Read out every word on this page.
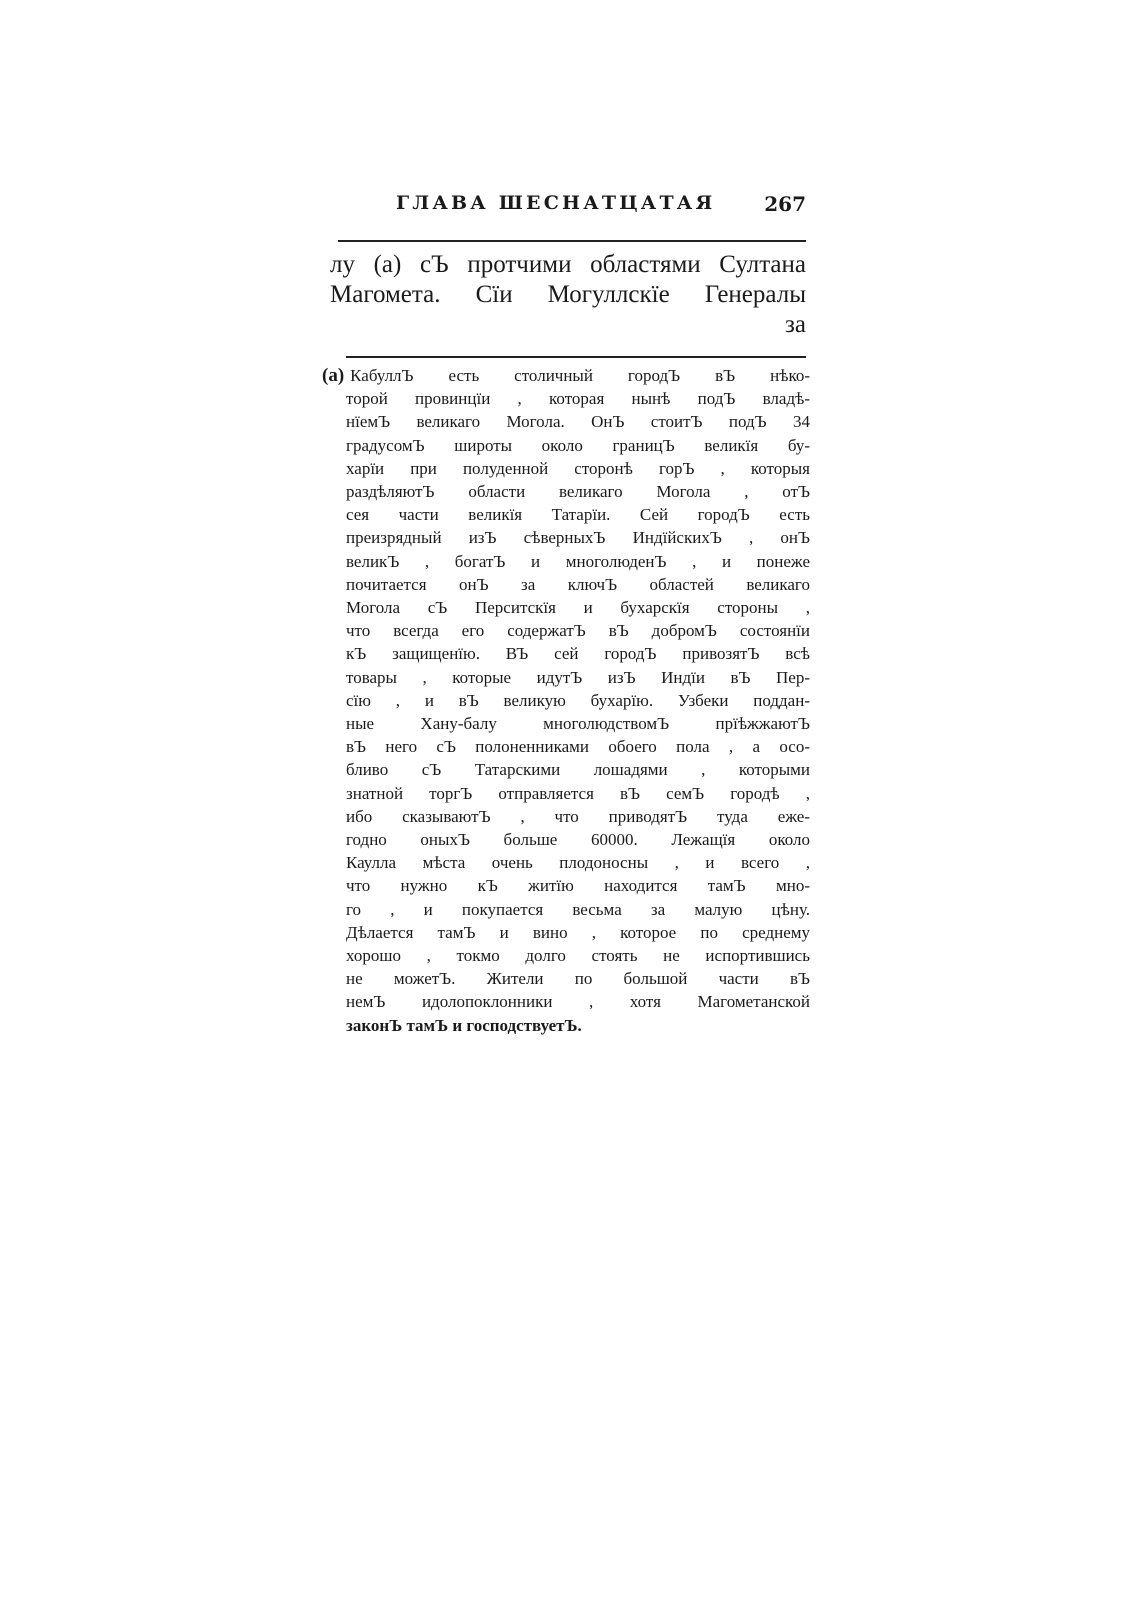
ГЛАВА ШЕСНАТЦАТАЯ 267
лу (а) сЪ протчими областями Султана
Магомета. Сїи Могуллскїе Генералы
за
(а) КабуллЪ есть столичный городЪ вЪ нѣко-
торой провинцїи , которая нынѣ подЪ владѣ-
нїемЪ великаго Могола. ОнЪ стоитЪ подЪ 34
градусомЪ широты около границЪ великїя бу-
харїи при полуденной сторонѣ горЪ , которыя
раздѣляютЪ области великаго Могола , отЪ
сея части великїя Татарїи. Сей городЪ есть
преизрядный изЪ сѣверныхЪ ИндїйскихЪ , онЪ
великЪ , богатЪ и многолюденЪ , и понеже
почитается онЪ за ключЪ областей великаго
Могола сЪ Перситскїя и бухарскїя стороны ,
что всегда его содержатЪ вЪ добромЪ состоянїи
кЪ защищенїю. ВЪ сей городЪ привозятЪ всѣ
товары , которые идутЪ изЪ Индїи вЪ Пер-
сїю , и вЪ великую бухарїю. Узбеки поддан-
ные Хану-балу многолюдствомЪ прїѣжжаютЪ
вЪ него сЪ полоненниками обоего пола , а осо-
бливо сЪ Татарскими лошадями , которыми
знатной торгЪ отправляется вЪ семЪ городѣ ,
ибо сказываютЪ , что приводятЪ туда еже-
годно оныхЪ больше 60000. Лежащїя около
Каулла мѣста очень плодоносны , и всего ,
что нужно кЪ житїю находится тамЪ мно-
го , и покупается весьма за малую цѣну.
Дѣлается тамЪ и вино , которое по среднему
хорошо , токмо долго стоять не испортившись
не можетЪ. Жители по большой части вЪ
немЪ идолопоклонники , хотя Магометанской
законЪ тамЪ и господствуетЪ.
